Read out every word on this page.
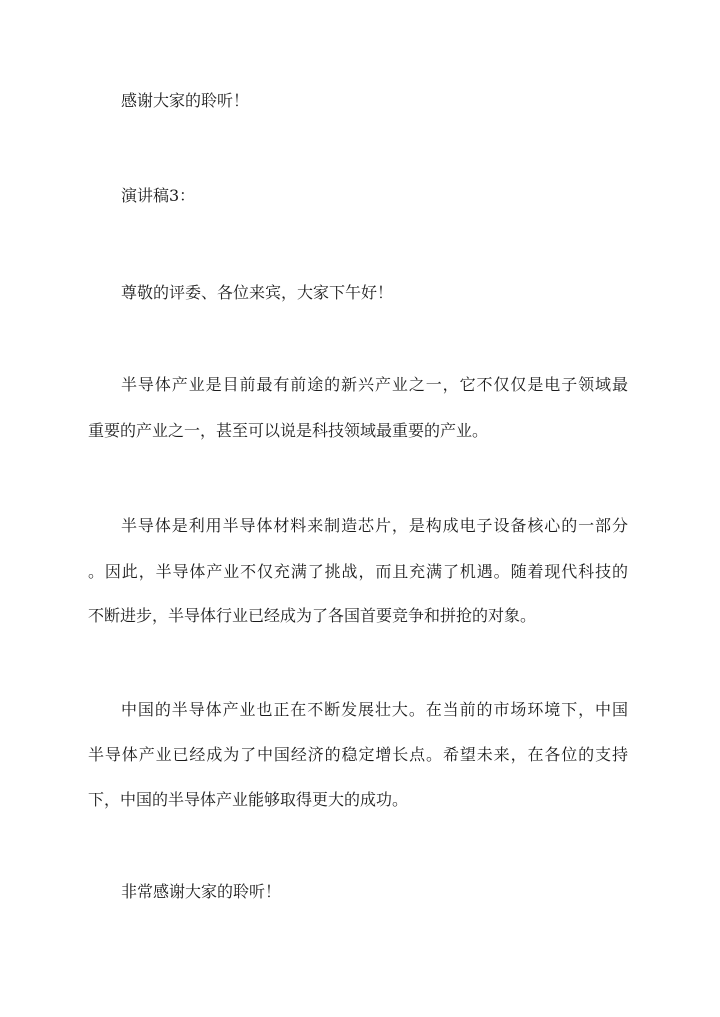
感谢大家的聆听！

演讲稿3：

尊敬的评委、各位来宾，大家下午好！

半导体产业是目前最有前途的新兴产业之一，它不仅仅是电子领域最

重要的产业之一，甚至可以说是科技领域最重要的产业。

半导体是利用半导体材料来制造芯片，是构成电子设备核心的一部分

。因此，半导体产业不仅充满了挑战，而且充满了机遇。随着现代科技的

不断进步，半导体行业已经成为了各国首要竞争和拼抢的对象。

中国的半导体产业也正在不断发展壮大。在当前的市场环境下，中国

半导体产业已经成为了中国经济的稳定增长点。希望未来，在各位的支持

下，中国的半导体产业能够取得更大的成功。

非常感谢大家的聆听！
